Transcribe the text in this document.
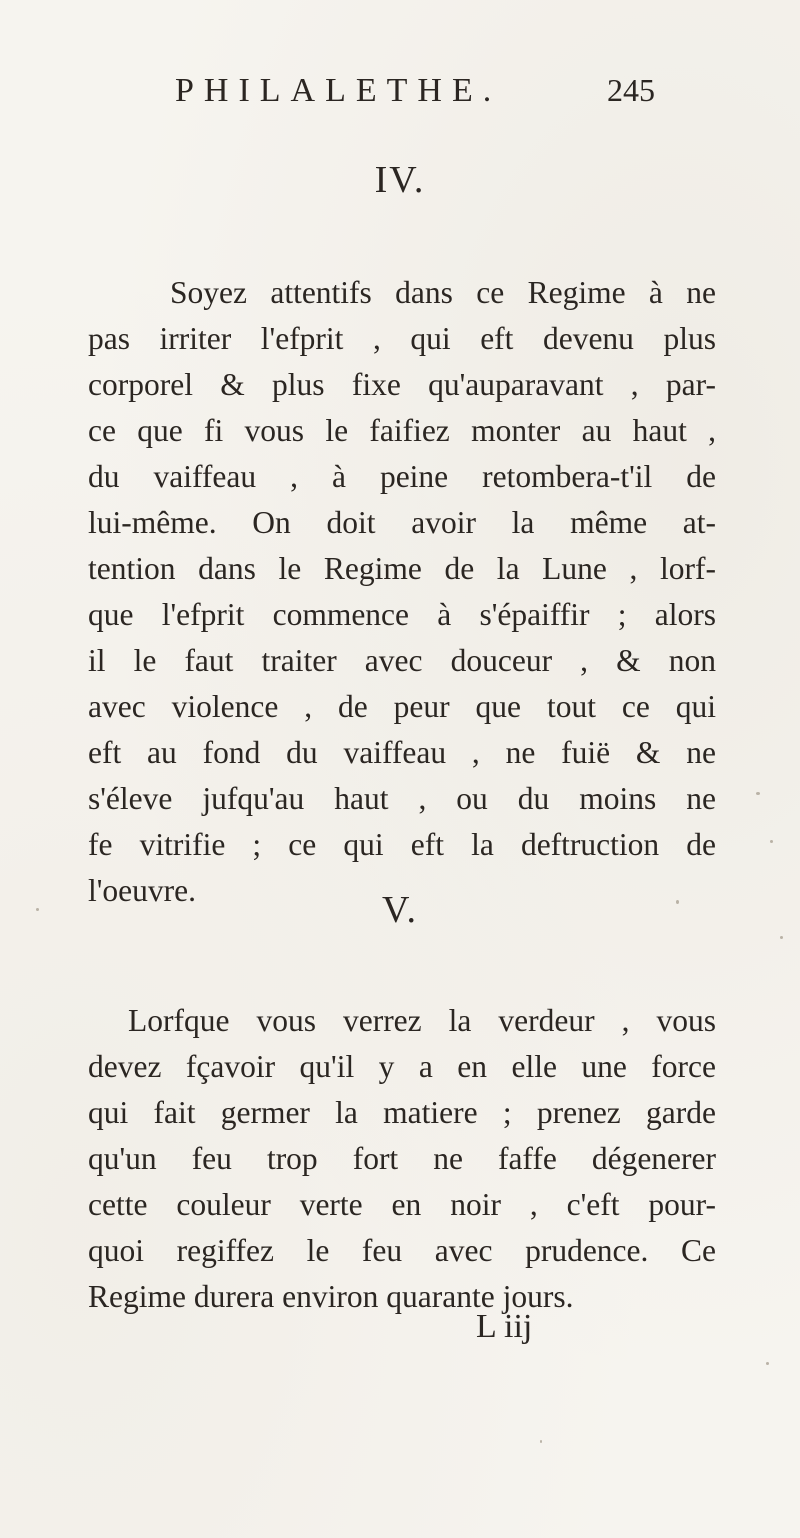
PHILALETHE.	245
IV.
Soyez attentifs dans ce Regime à ne
pas irriter l'efprit , qui eft devenu plus
corporel & plus fixe qu'auparavant , par-
ce que fi vous le faifiez monter au haut ,
du vaiffeau , à peine retombera-t'il de
lui-même. On doit avoir la même at-
tention dans le Regime de la Lune , lorf-
que l'efprit commence à s'épaiffir ; alors
il le faut traiter avec douceur , & non
avec violence , de peur que tout ce qui
eft au fond du vaiffeau , ne fuië & ne
s'éleve jufqu'au haut , ou du moins ne
fe vitrifie ; ce qui eft la deftruction de
l'oeuvre.	V.
Lorfque vous verrez la verdeur , vous
devez fçavoir qu'il y a en elle une force
qui fait germer la matiere ; prenez garde
qu'un feu trop fort ne faffe dégenerer
cette couleur verte en noir , c'eft pour-
quoi regiffez le feu avec prudence. Ce
Regime durera environ quarante jours.
L iij
